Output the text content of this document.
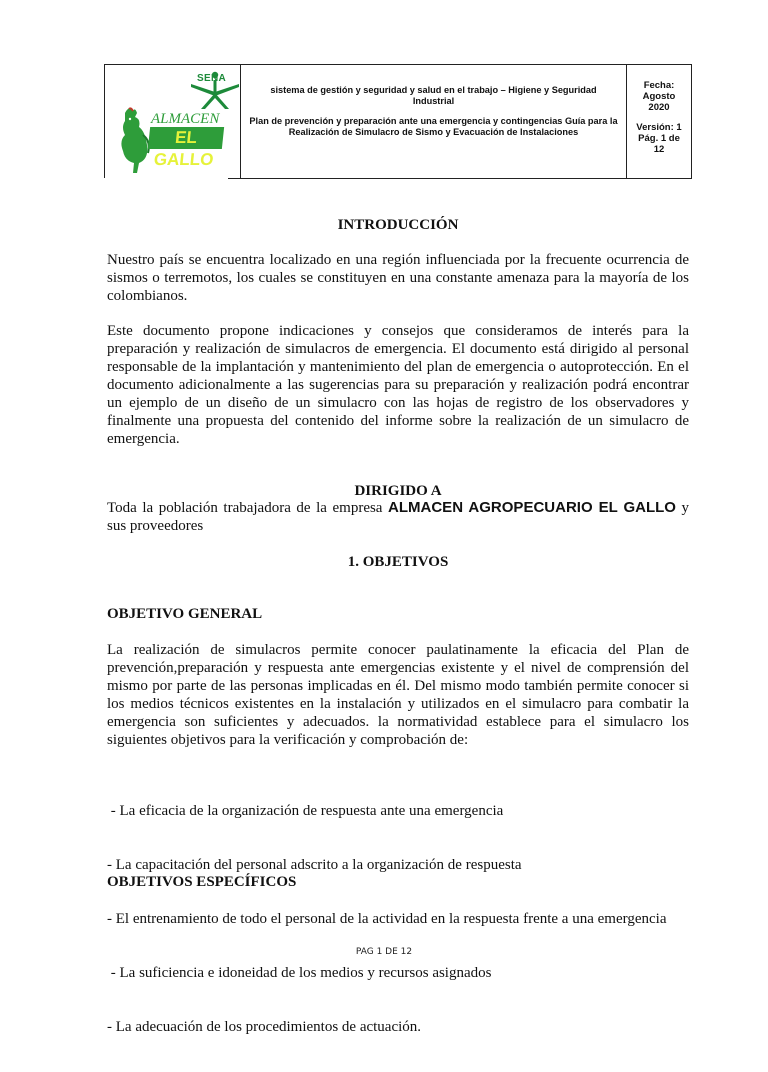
SENA
ALMACEN
EL GALLO
sistema de gestión y seguridad y salud en el trabajo – Higiene y Seguridad Industrial
Plan de prevención y preparación ante una emergencia y contingencias Guía para la Realización de Simulacro de Sismo y Evacuación de Instalaciones
Fecha:
Agosto 2020
Versión: 1
Pág. 1 de 12
INTRODUCCIÓN

Nuestro país se encuentra localizado en una región influenciada por la frecuente ocurrencia de sismos o terremotos, los cuales se constituyen en una constante amenaza para la mayoría de los colombianos.

Este documento propone indicaciones y consejos que consideramos de interés para la preparación y realización de simulacros de emergencia. El documento está dirigido al personal responsable de la implantación y mantenimiento del plan de emergencia o autoprotección. En el documento adicionalmente a las sugerencias para su preparación y realización podrá encontrar un ejemplo de un diseño de un simulacro con las hojas de registro de los observadores y finalmente una propuesta del contenido del informe sobre la realización de un simulacro de emergencia.

DIRIGIDO A

Toda la población trabajadora de la empresa ALMACEN AGROPECUARIO EL GALLO y sus proveedores

1. OBJETIVOS
OBJETIVO GENERAL

La realización de simulacros permite conocer paulatinamente la eficacia del Plan de prevención,preparación y respuesta ante emergencias existente y el nivel de comprensión del mismo por parte de las personas implicadas en él. Del mismo modo también permite conocer si los medios técnicos existentes en la instalación y utilizados en el simulacro para combatir la emergencia son suficientes y adecuados. la normatividad establece para el simulacro los siguientes objetivos para la verificación y comprobación de:

- La eficacia de la organización de respuesta ante una emergencia

- La capacitación del personal adscrito a la organización de respuesta

- El entrenamiento de todo el personal de la actividad en la respuesta frente a una emergencia

- La suficiencia e idoneidad de los medios y recursos asignados

- La adecuación de los procedimientos de actuación.

OBJETIVOS ESPECÍFICOS
PAG 1 DE 12
